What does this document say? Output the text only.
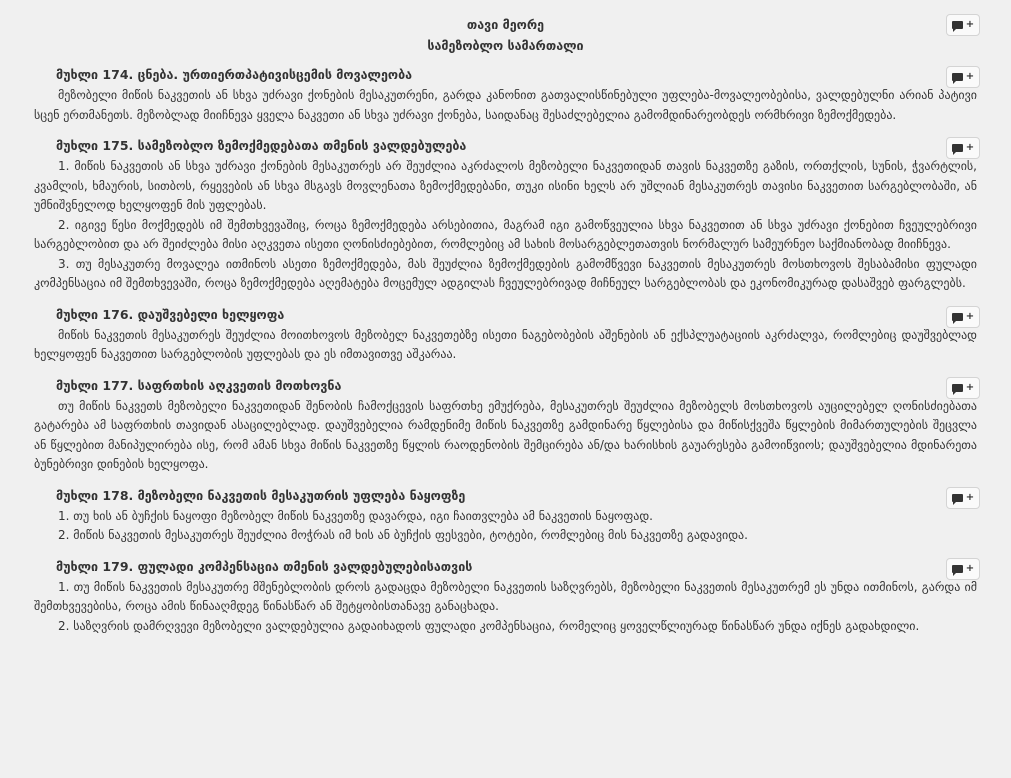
თავი მეორე
სამეზობლო სამართალი
+
მუხლი 174. ცნება. ურთიერთპატივისცემის მოვალეობა	+

მეზობელი მიწის ნაკვეთის ან სხვა უძრავი ქონების მესაკუთრენი, გარდა კანონით გათვალისწინებული უფლება-მოვალეობებისა, ვალდებულნი არიან პატივი სცენ ერთმანეთს. მეზობლად მიიჩნევა ყველა ნაკვეთი ან სხვა უძრავი ქონება, საიდანაც შესაძლებელია გამომდინარეობდეს ორმხრივი ზემოქმედება.

მუხლი 175. სამეზობლო ზემოქმედებათა თმენის ვალდებულება	+

1. მიწის ნაკვეთის ან სხვა უძრავი ქონების მესაკუთრეს არ შეუძლია აკრძალოს მეზობელი ნაკვეთიდან თავის ნაკვეთზე გაზის, ორთქლის, სუნის, ჭვარტლის, კვამლის, ხმაურის, სითბოს, რყევების ან სხვა მსგავს მოვლენათა ზემოქმედებანი, თუკი ისინი ხელს არ უშლიან მესაკუთრეს თავისი ნაკვეთით სარგებლობაში, ან უმნიშვნელოდ ხელყოფენ მის უფლებას.

2. იგივე წესი მოქმედებს იმ შემთხვევაშიც, როცა ზემოქმედება არსებითია, მაგრამ იგი გამოწვეულია სხვა ნაკვეთით ან სხვა უძრავი ქონებით ჩვეულებრივი სარგებლობით და არ შეიძლება მისი აღკვეთა ისეთი ღონისძიებებით, რომლებიც ამ სახის მოსარგებლეთათვის ნორმალურ სამეურნეო საქმიანობად მიიჩნევა.

3. თუ მესაკუთრე მოვალეა ითმინოს ასეთი ზემოქმედება, მას შეუძლია ზემოქმედების გამომწვევი ნაკვეთის მესაკუთრეს მოსთხოვოს შესაბამისი ფულადი კომპენსაცია იმ შემთხვევაში, როცა ზემოქმედება აღემატება მოცემულ ადგილას ჩვეულებრივად მიჩნეულ სარგებლობას და ეკონომიკურად დასაშვებ ფარგლებს.

მუხლი 176. დაუშვებელი ხელყოფა	+

მიწის ნაკვეთის მესაკუთრეს შეუძლია მოითხოვოს მეზობელ ნაკვეთებზე ისეთი ნაგებობების აშენების ან ექსპლუატაციის აკრძალვა, რომლებიც დაუშვებლად ხელყოფენ ნაკვეთით სარგებლობის უფლებას და ეს იმთავითვე აშკარაა.

მუხლი 177. საფრთხის აღკვეთის მოთხოვნა	+

თუ მიწის ნაკვეთს მეზობელი ნაკვეთიდან შენობის ჩამოქცევის საფრთხე ემუქრება, მესაკუთრეს შეუძლია მეზობელს მოსთხოვოს აუცილებელ ღონისძიებათა გატარება ამ საფრთხის თავიდან ასაცილებლად. დაუშვებელია რამდენიმე მიწის ნაკვეთზე გამდინარე წყლებისა და მიწისქვეშა წყლების მიმართულების შეცვლა ან წყლებით მანიპულირება ისე, რომ ამან სხვა მიწის ნაკვეთზე წყლის რაოდენობის შემცირება ან/და ხარისხის გაუარესება გამოიწვიოს; დაუშვებელია მდინარეთა ბუნებრივი დინების ხელყოფა.

მუხლი 178. მეზობელი ნაკვეთის მესაკუთრის უფლება ნაყოფზე	+

1. თუ ხის ან ბუჩქის ნაყოფი მეზობელ მიწის ნაკვეთზე დავარდა, იგი ჩაითვლება ამ ნაკვეთის ნაყოფად.

2. მიწის ნაკვეთის მესაკუთრეს შეუძლია მოჭრას იმ ხის ან ბუჩქის ფესვები, ტოტები, რომლებიც მის ნაკვეთზე გადავიდა.

მუხლი 179. ფულადი კომპენსაცია თმენის ვალდებულებისათვის	+

1. თუ მიწის ნაკვეთის მესაკუთრე მშენებლობის დროს გადაცდა მეზობელი ნაკვეთის საზღვრებს, მეზობელი ნაკვეთის მესაკუთრემ ეს უნდა ითმინოს, გარდა იმ შემთხვევებისა, როცა ამის წინააღმდეგ წინასწარ ან შეტყობისთანავე განაცხადა.

2. საზღვრის დამრღვევი მეზობელი ვალდებულია გადაიხადოს ფულადი კომპენსაცია, რომელიც ყოველწლიურად წინასწარ უნდა იქნეს გადახდილი.
